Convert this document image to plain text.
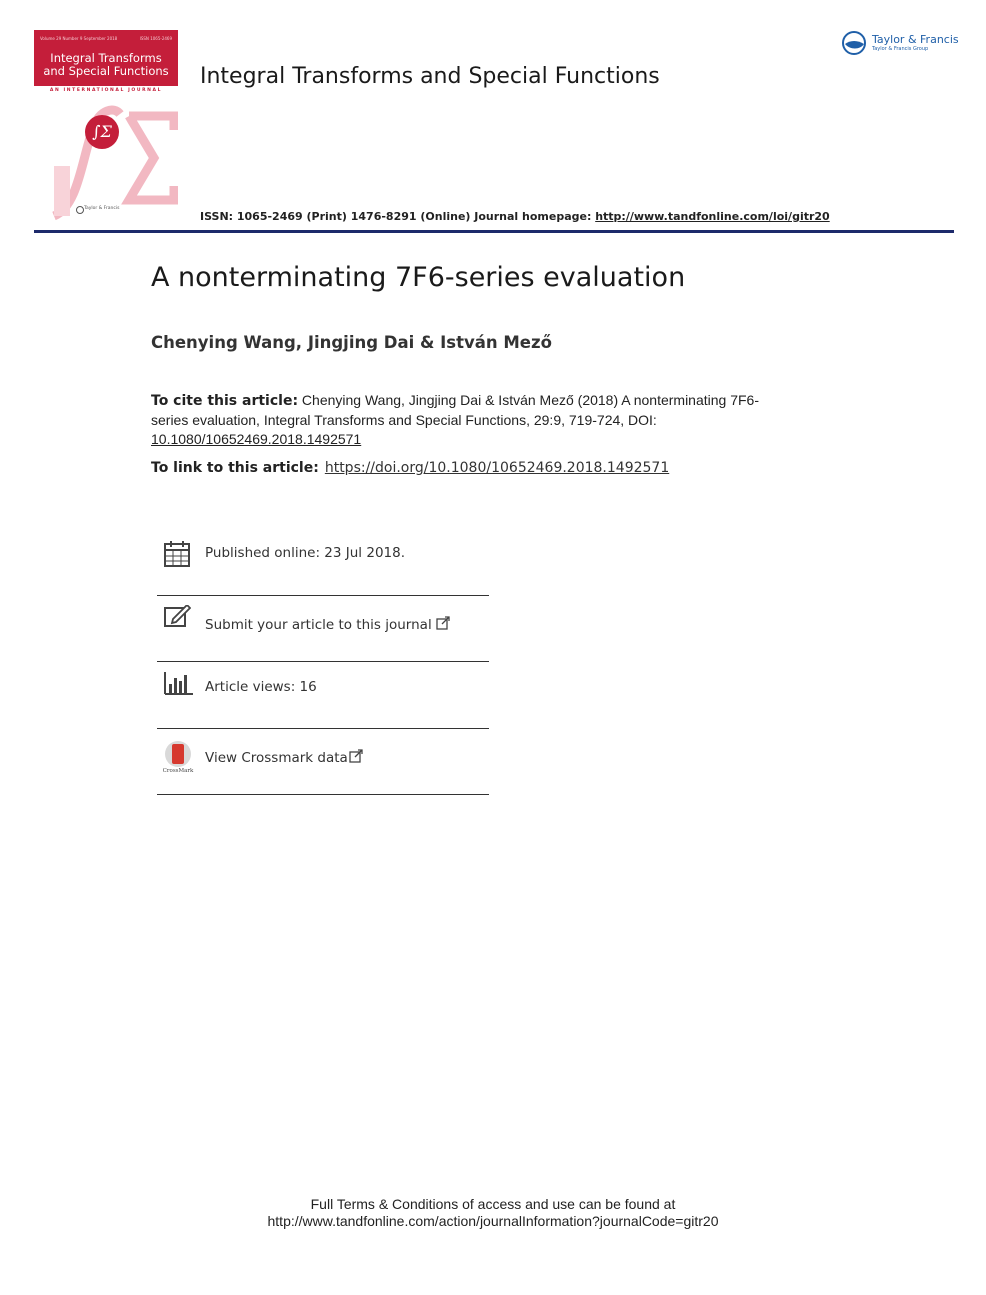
Volume 29 Number 9 September 2018	ISSN 1065-2469
Integral Transforms
and Special Functions
AN INTERNATIONAL JOURNAL
∫Σ
Taylor & Francis
Integral Transforms and Special Functions
Taylor & Francis
Taylor & Francis Group
ISSN: 1065-2469 (Print) 1476-8291 (Online) Journal homepage: http://www.tandfonline.com/loi/gitr20
A nonterminating 7F6-series evaluation
Chenying Wang, Jingjing Dai & István Mező
To cite this article: Chenying Wang, Jingjing Dai & István Mező (2018) A nonterminating 7F6-series evaluation, Integral Transforms and Special Functions, 29:9, 719-724, DOI: 10.1080/10652469.2018.1492571
To link to this article: https://doi.org/10.1080/10652469.2018.1492571
Published online: 23 Jul 2018.
Submit your article to this journal
Article views: 16
CrossMark
View Crossmark data
Full Terms & Conditions of access and use can be found at
http://www.tandfonline.com/action/journalInformation?journalCode=gitr20
